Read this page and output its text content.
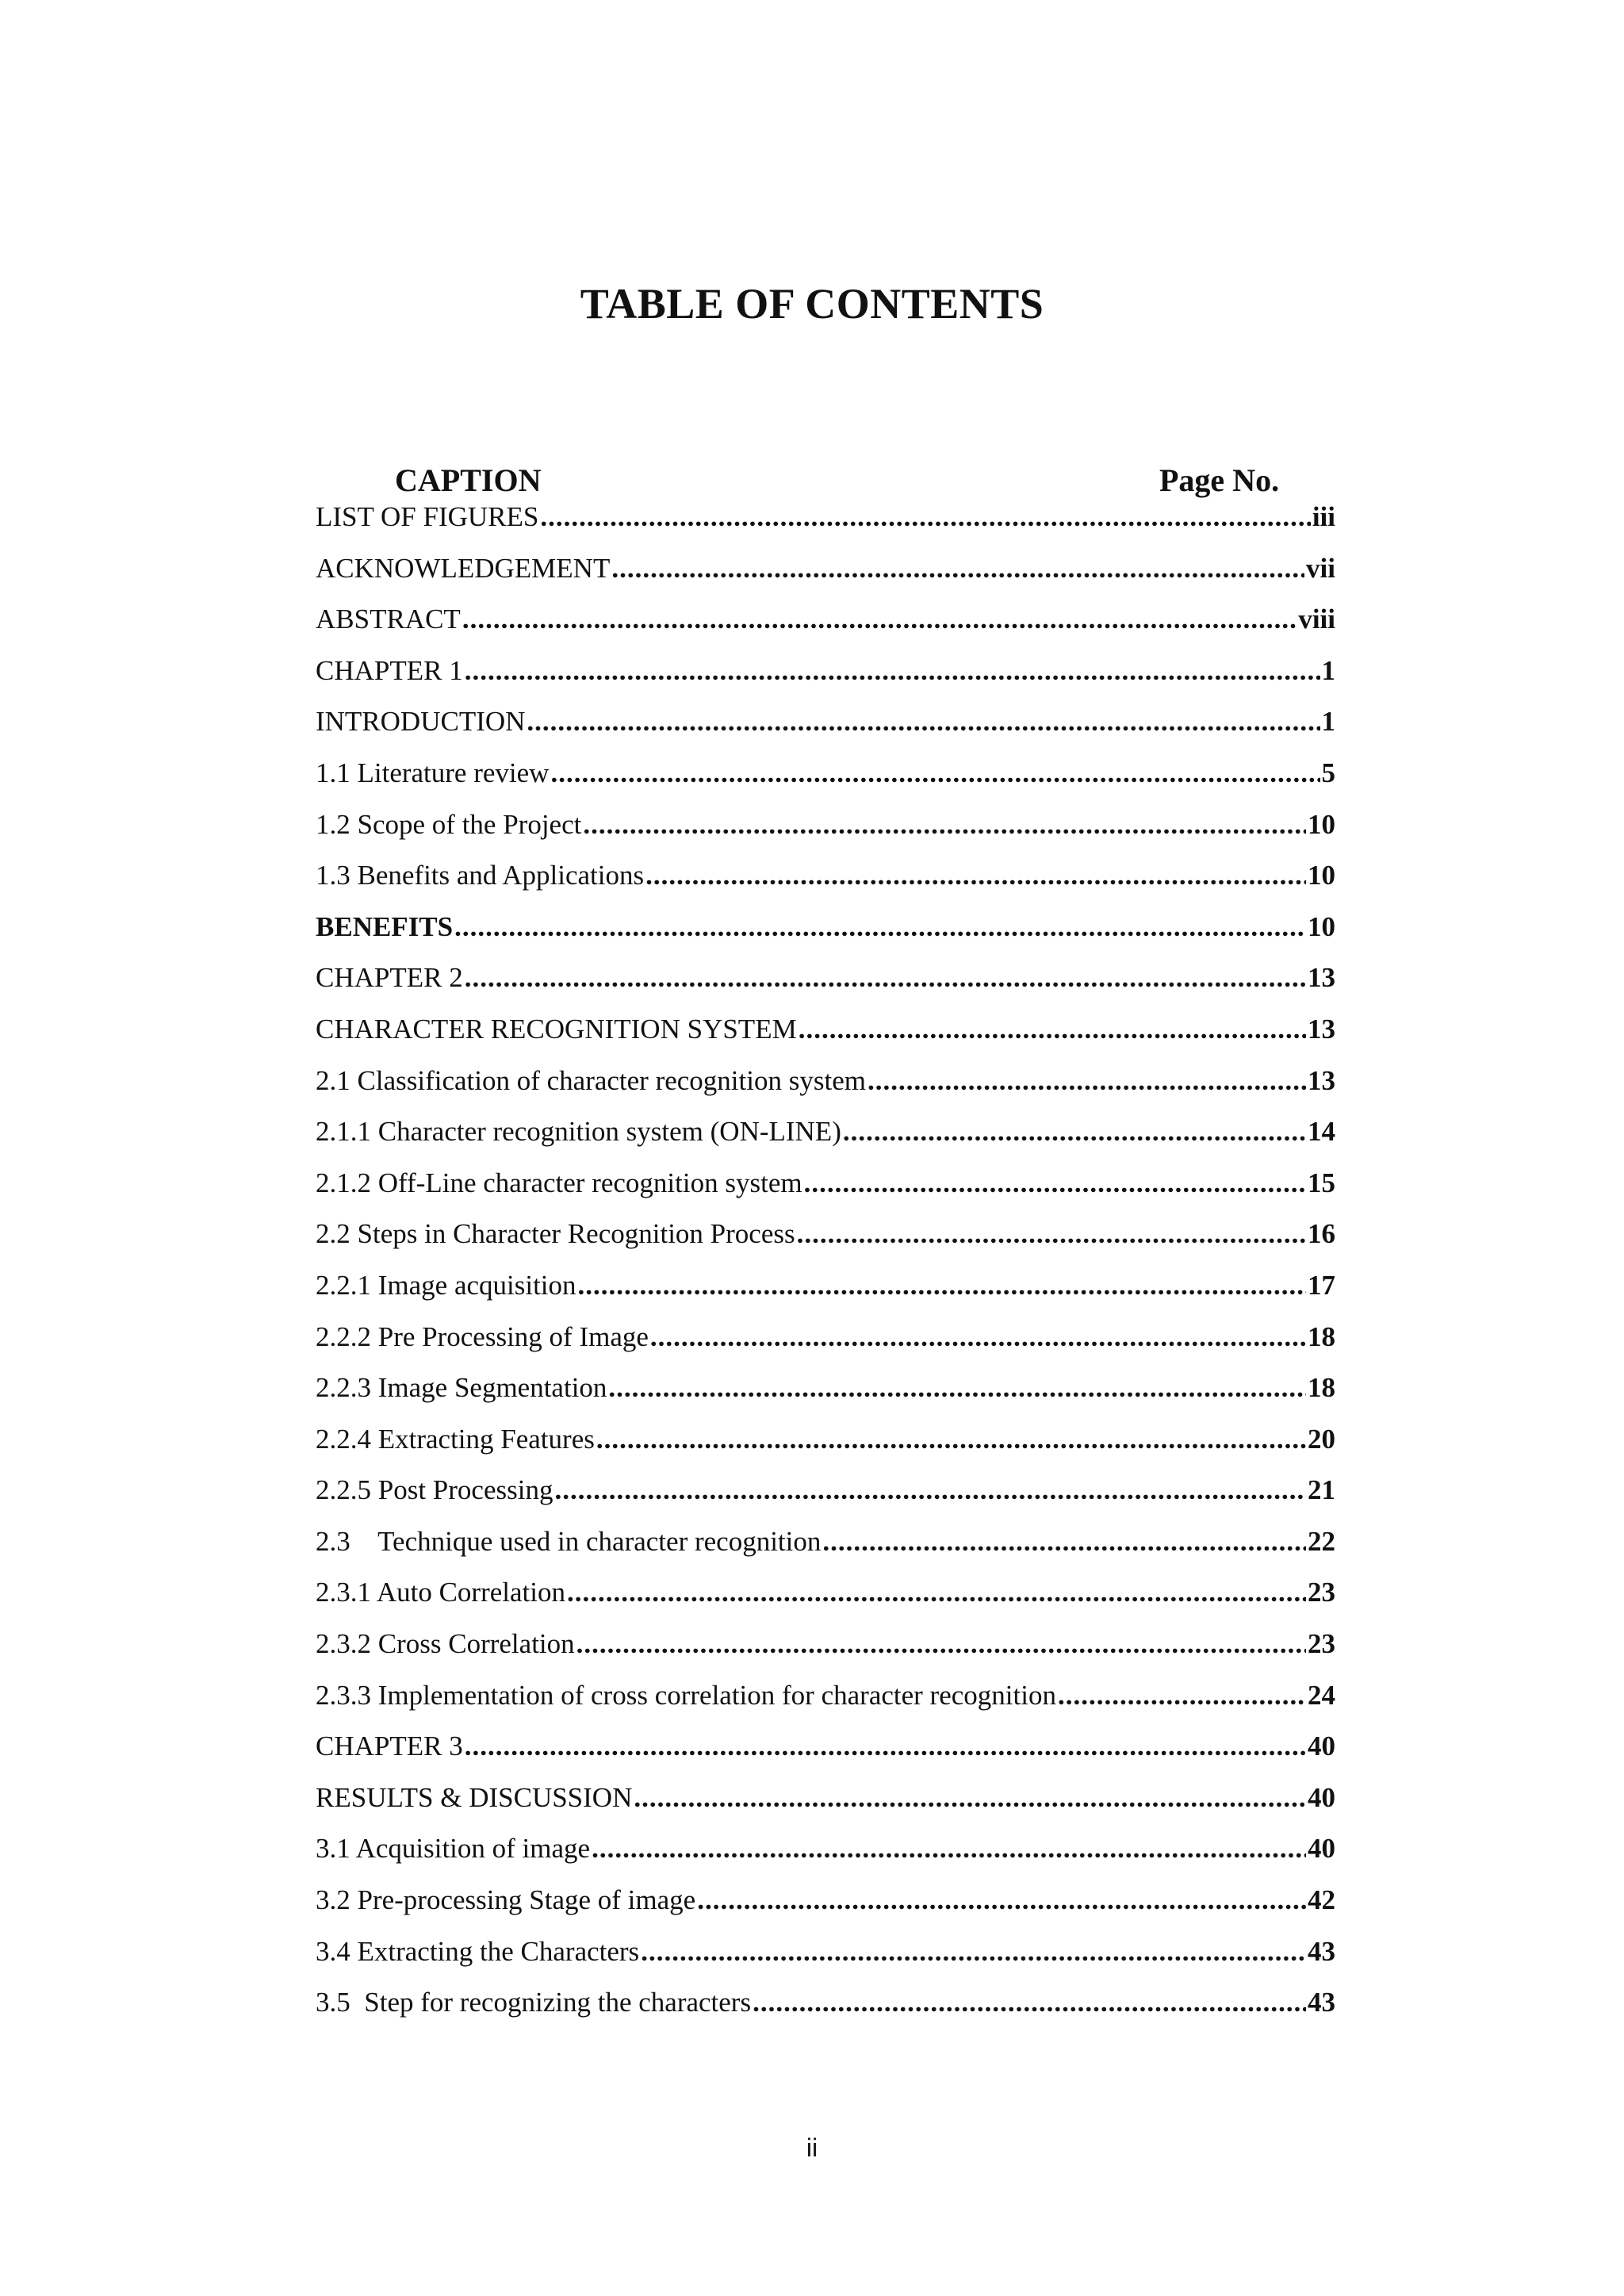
TABLE OF CONTENTS
CAPTION	Page No.
LIST OF FIGURES .....	iii
ACKNOWLEDGEMENT .....	vii
ABSTRACT .....	viii
CHAPTER 1 .....	1
INTRODUCTION .....	1
1.1 Literature review .....	5
1.2 Scope of the Project .....	10
1.3 Benefits and Applications .....	10
BENEFITS .....	10
CHAPTER 2 .....	13
CHARACTER RECOGNITION SYSTEM .....	13
2.1 Classification of character recognition system .....	13
2.1.1 Character recognition system (ON-LINE) .....	14
2.1.2 Off-Line character recognition system .....	15
2.2 Steps in Character Recognition Process .....	16
2.2.1 Image acquisition .....	17
2.2.2 Pre Processing of Image .....	18
2.2.3 Image Segmentation .....	18
2.2.4 Extracting Features .....	20
2.2.5 Post Processing .....	21
2.3    Technique used in character recognition .....	22
2.3.1 Auto Correlation .....	23
2.3.2 Cross Correlation .....	23
2.3.3 Implementation of cross correlation for character recognition .....	24
CHAPTER 3 .....	40
RESULTS & DISCUSSION .....	40
3.1 Acquisition of image .....	40
3.2 Pre-processing Stage of image .....	42
3.4 Extracting the Characters .....	43
3.5  Step for recognizing the characters .....	43
ii
